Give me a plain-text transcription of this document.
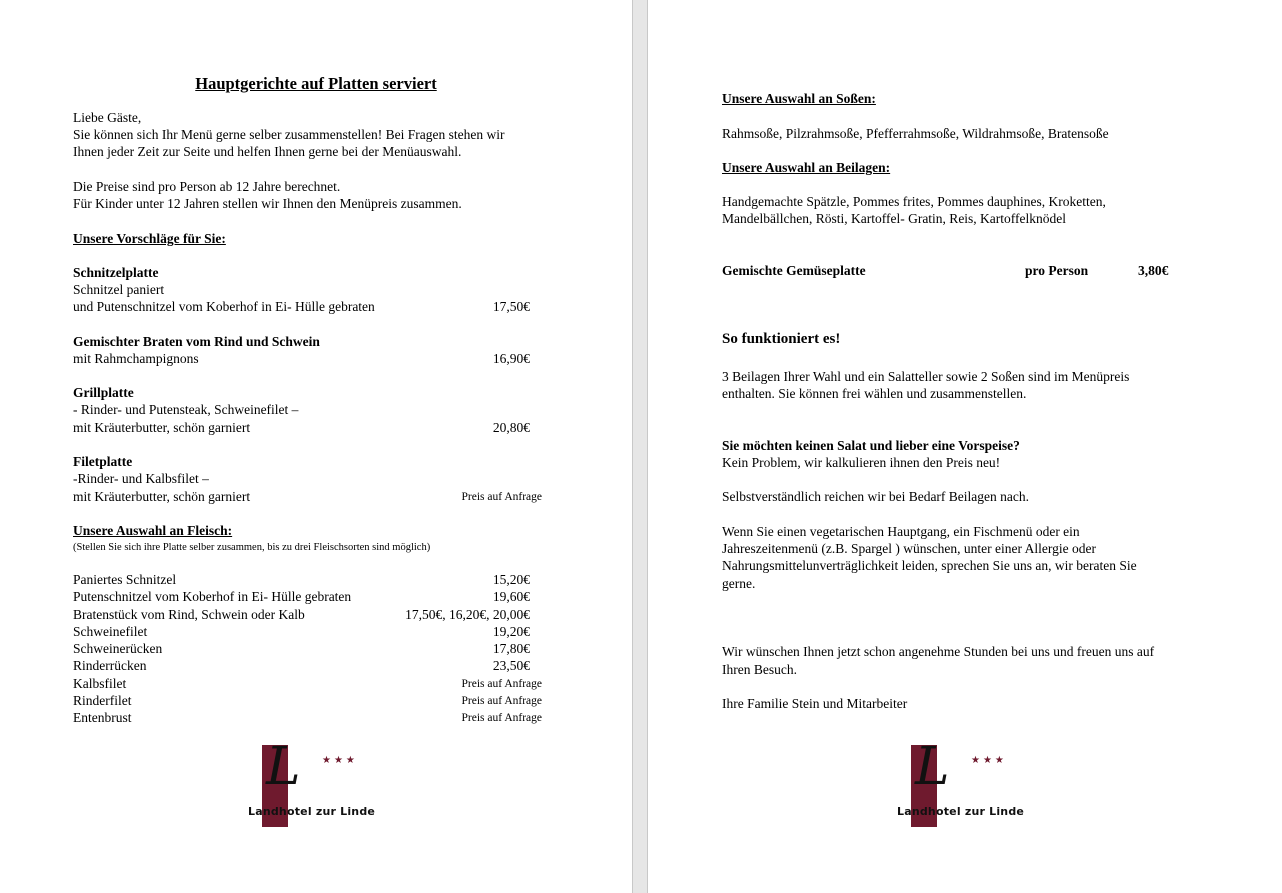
Hauptgerichte auf Platten serviert
Liebe Gäste,
Sie können sich Ihr Menü gerne selber zusammenstellen! Bei Fragen stehen wir
Ihnen jeder Zeit zur Seite und helfen Ihnen gerne bei der Menüauswahl.
Die Preise sind pro Person ab 12 Jahre berechnet.
Für Kinder unter 12 Jahren stellen wir Ihnen den Menüpreis zusammen.
Unsere Vorschläge für Sie:
Schnitzelplatte
Schnitzel paniert
und Putenschnitzel vom Koberhof in Ei- Hülle gebraten	17,50€
Gemischter Braten vom Rind und Schwein
mit Rahmchampignons	16,90€
Grillplatte
- Rinder- und Putensteak, Schweinefilet –
mit Kräuterbutter, schön garniert	20,80€
Filetplatte
-Rinder- und Kalbsfilet –
mit Kräuterbutter, schön garniert	Preis auf Anfrage
Unsere Auswahl an Fleisch:
(Stellen Sie sich ihre Platte selber zusammen, bis zu drei Fleischsorten sind möglich)
Paniertes Schnitzel	15,20€
Putenschnitzel vom Koberhof in Ei- Hülle gebraten	19,60€
Bratenstück vom Rind, Schwein oder Kalb	17,50€, 16,20€, 20,00€
Schweinefilet	19,20€
Schweinerücken	17,80€
Rinderrücken	23,50€
Kalbsfilet	Preis auf Anfrage
Rinderfilet	Preis auf Anfrage
Entenbrust	Preis auf Anfrage
L ★★★
Landhotel zur Linde
Unsere Auswahl an Soßen:
Rahmsoße, Pilzrahmsoße, Pfefferrahmsoße, Wildrahmsoße, Bratensoße
Unsere Auswahl an Beilagen:
Handgemachte Spätzle, Pommes frites, Pommes dauphines, Kroketten,
Mandelbällchen, Rösti, Kartoffel- Gratin, Reis, Kartoffelknödel
Gemischte Gemüseplatte	pro Person	3,80€
So funktioniert es!
3 Beilagen Ihrer Wahl und ein Salatteller sowie 2 Soßen sind im Menüpreis
enthalten. Sie können frei wählen und zusammenstellen.
Sie möchten keinen Salat und lieber eine Vorspeise?
Kein Problem, wir kalkulieren ihnen den Preis neu!
Selbstverständlich reichen wir bei Bedarf Beilagen nach.
Wenn Sie einen vegetarischen Hauptgang, ein Fischmenü oder ein
Jahreszeitenmenü (z.B. Spargel ) wünschen, unter einer Allergie oder
Nahrungsmittelunverträglichkeit leiden, sprechen Sie uns an, wir beraten Sie
gerne.
Wir wünschen Ihnen jetzt schon angenehme Stunden bei uns und freuen uns auf
Ihren Besuch.
Ihre Familie Stein und Mitarbeiter
L ★★★
Landhotel zur Linde
